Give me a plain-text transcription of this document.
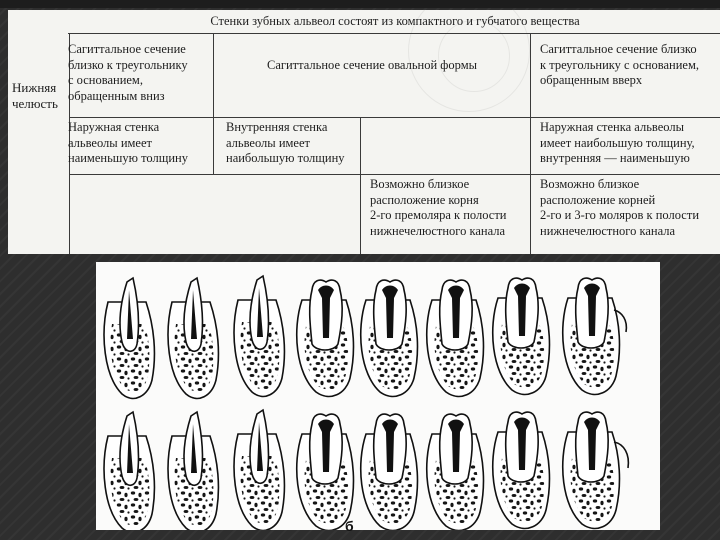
Стенки зубных альвеол состоят из компактного и губчатого вещества
Нижняя
челюсть
Сагиттальное сечение
близко к треугольнику
с основанием,
обращенным вниз
Сагиттальное сечение овальной формы
Сагиттальное сечение близко
к треугольнику с основанием,
обращенным вверх
Наружная стенка
альвеолы имеет
наименьшую толщину
Внутренняя стенка
альвеолы имеет
наибольшую толщину
Наружная стенка альвеолы
имеет наибольшую толщину,
внутренняя — наименьшую
Возможно близкое
расположение корня
2-го премоляра к полости
нижнечелюстного канала
Возможно близкое
расположение корней
2-го и 3-го моляров к полости
нижнечелюстного канала
б
